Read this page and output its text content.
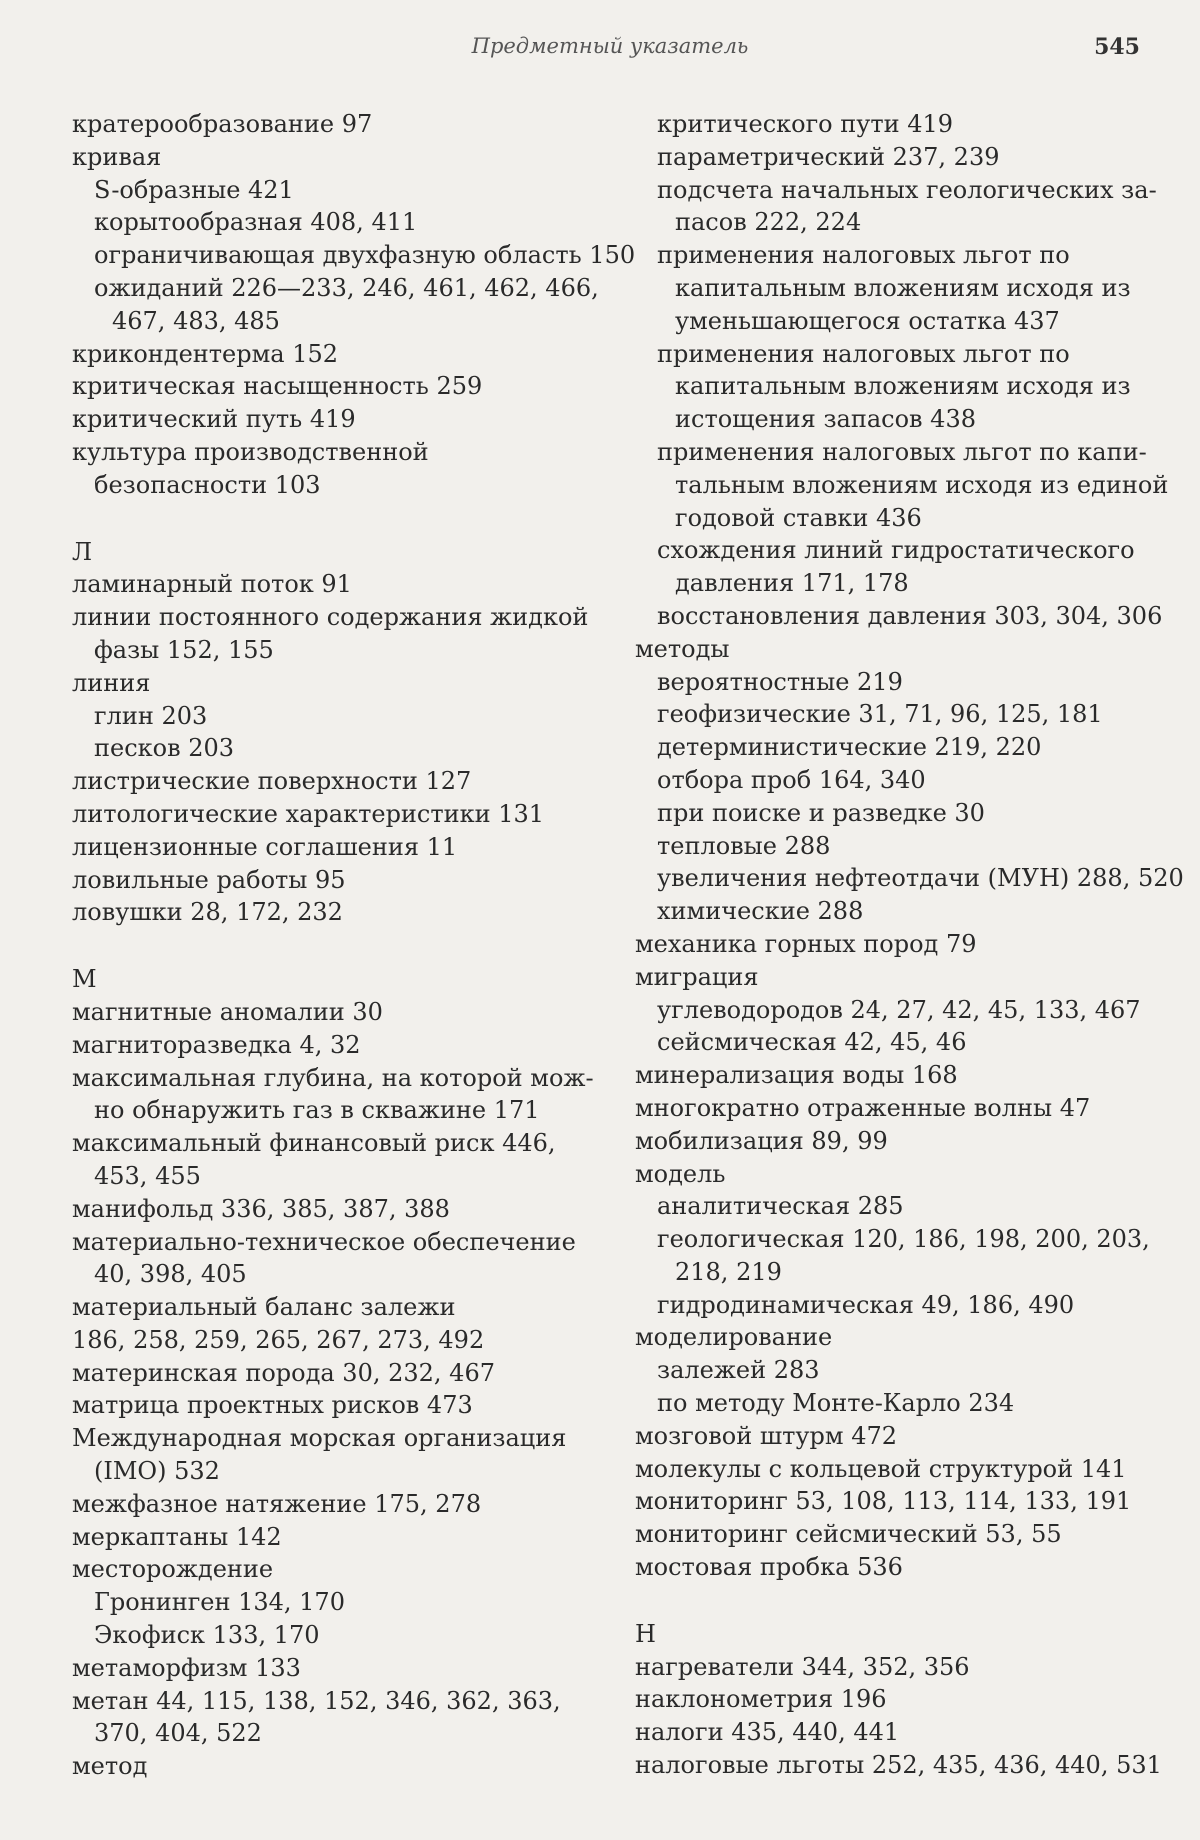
Предметный указатель	545
кратерообразование 97
кривая
S-образные 421
корытообразная 408, 411
ограничивающая двухфазную область 150
ожиданий 226—233, 246, 461, 462, 466,
467, 483, 485
крикондентерма 152
критическая насыщенность 259
критический путь 419
культура производственной
безопасности 103
Л
ламинарный поток 91
линии постоянного содержания жидкой
фазы 152, 155
линия
глин 203
песков 203
листрические поверхности 127
литологические характеристики 131
лицензионные соглашения 11
ловильные работы 95
ловушки 28, 172, 232
М
магнитные аномалии 30
магниторазведка 4, 32
максимальная глубина, на которой мож-
но обнаружить газ в скважине 171
максимальный финансовый риск 446,
453, 455
манифольд 336, 385, 387, 388
материально-техническое обеспечение
40, 398, 405
материальный баланс залежи
186, 258, 259, 265, 267, 273, 492
материнская порода 30, 232, 467
матрица проектных рисков 473
Международная морская организация
(IMO) 532
межфазное натяжение 175, 278
меркаптаны 142
месторождение
Гронинген 134, 170
Экофиск 133, 170
метаморфизм 133
метан 44, 115, 138, 152, 346, 362, 363,
370, 404, 522
метод
критического пути 419
параметрический 237, 239
подсчета начальных геологических за-
пасов 222, 224
применения налоговых льгот по
капитальным вложениям исходя из
уменьшающегося остатка 437
применения налоговых льгот по
капитальным вложениям исходя из
истощения запасов 438
применения налоговых льгот по капи-
тальным вложениям исходя из единой
годовой ставки 436
схождения линий гидростатического
давления 171, 178
восстановления давления 303, 304, 306
методы
вероятностные 219
геофизические 31, 71, 96, 125, 181
детерминистические 219, 220
отбора проб 164, 340
при поиске и разведке 30
тепловые 288
увеличения нефтеотдачи (МУН) 288, 520
химические 288
механика горных пород 79
миграция
углеводородов 24, 27, 42, 45, 133, 467
сейсмическая 42, 45, 46
минерализация воды 168
многократно отраженные волны 47
мобилизация 89, 99
модель
аналитическая 285
геологическая 120, 186, 198, 200, 203,
218, 219
гидродинамическая 49, 186, 490
моделирование
залежей 283
по методу Монте-Карло 234
мозговой штурм 472
молекулы с кольцевой структурой 141
мониторинг 53, 108, 113, 114, 133, 191
мониторинг сейсмический 53, 55
мостовая пробка 536
Н
нагреватели 344, 352, 356
наклонометрия 196
налоги 435, 440, 441
налоговые льготы 252, 435, 436, 440, 531
